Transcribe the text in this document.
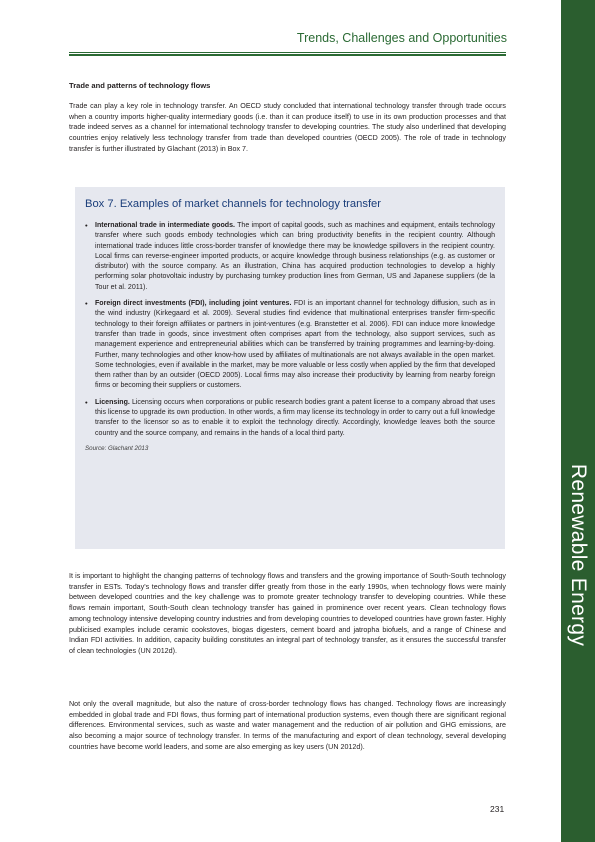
Renewable Energy
Trends, Challenges and Opportunities
Trade and patterns of technology flows

Trade can play a key role in technology transfer. An OECD study concluded that international technology transfer through trade occurs when a country imports higher-quality intermediary goods (i.e. than it can produce itself) to use in its own production processes and that trade indeed serves as a channel for international technology transfer to developing countries. The study also underlined that developing countries enjoy relatively less technology transfer from trade than developed countries (OECD 2005). The role of trade in technology transfer is further illustrated by Glachant (2013) in Box 7.

Box 7. Examples of market channels for technology transfer
• International trade in intermediate goods. The import of capital goods, such as machines and equipment, entails technology transfer where such goods embody technologies which can bring productivity benefits in the recipient country. Although international trade induces little cross-border transfer of knowledge there may be knowledge spillovers in the recipient country. Local firms can reverse-engineer imported products, or acquire knowledge through business relationships (e.g. as customer or distributor) with the source company. As an illustration, China has acquired production technologies to develop a highly performing solar photovoltaic industry by purchasing turnkey production lines from German, US and Japanese suppliers (de la Tour et al. 2011).

• Foreign direct investments (FDI), including joint ventures. FDI is an important channel for technology diffusion, such as in the wind industry (Kirkegaard et al. 2009). Several studies find evidence that multinational enterprises transfer firm-specific technology to their foreign affiliates or partners in joint-ventures (e.g. Branstetter et al. 2006). FDI can induce more knowledge transfer than trade in goods, since investment often comprises apart from the technology, also support services, such as management experience and entrepreneurial abilities which can be transferred by training programmes and learning-by-doing. Further, many technologies and other know-how used by affiliates of multinationals are not always available in the open market. Some technologies, even if available in the market, may be more valuable or less costly when applied by the firm that developed them rather than by an outsider (OECD 2005). Local firms may also increase their productivity by learning from nearby foreign firms or becoming their suppliers or customers.

• Licensing. Licensing occurs when corporations or public research bodies grant a patent license to a company abroad that uses this license to upgrade its own production. In other words, a firm may license its technology in order to carry out a full knowledge transfer to the licensor so as to enable it to exploit the technology directly. Accordingly, knowledge leaves both the source country and the source company, and remains in the hands of a local third party.

Source: Glachant 2013

It is important to highlight the changing patterns of technology flows and transfers and the growing importance of South-South technology transfer in ESTs. Today's technology flows and transfer differ greatly from those in the early 1990s, when technology flows were mainly between developed countries and the key challenge was to promote greater technology transfer to developing countries. While these flows remain important, South-South clean technology transfer has gained in prominence over recent years. Clean technology flows among technology intensive developing country industries and from developing countries to developed countries have grown faster. Highly publicised examples include ceramic cookstoves, biogas digesters, cement board and jatropha biofuels, and a range of Chinese and Indian FDI activities. In addition, capacity building constitutes an integral part of technology transfer, as it ensures the successful transfer of clean technologies (UN 2012d).

Not only the overall magnitude, but also the nature of cross-border technology flows has changed. Technology flows are increasingly embedded in global trade and FDI flows, thus forming part of international production systems, even though there are significant regional differences. Environmental services, such as waste and water management and the reduction of air pollution and GHG emissions, are also becoming a major source of technology transfer. In terms of the manufacturing and export of clean technology, several developing countries have become world leaders, and some are also emerging as key users (UN 2012d).

231
